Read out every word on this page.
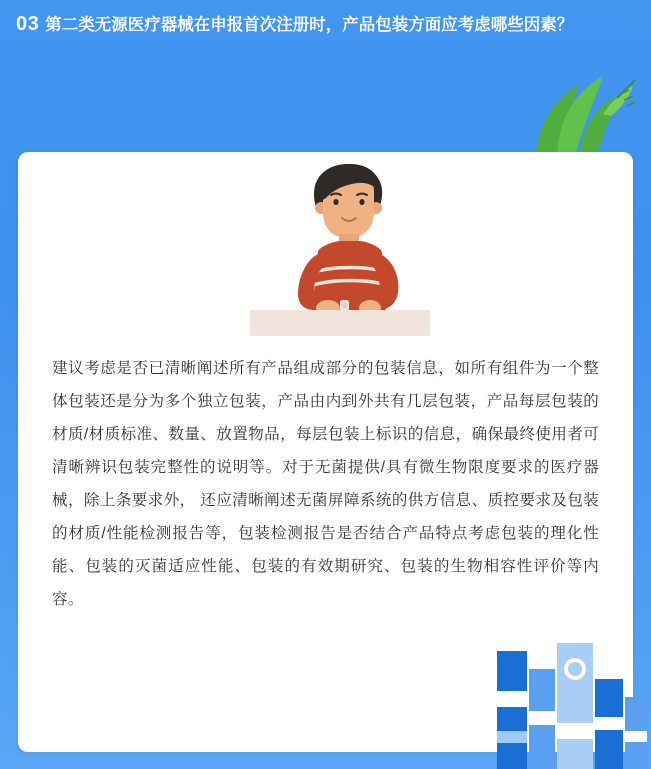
03 第二类无源医疗器械在申报首次注册时，产品包装方面应考虑哪些因素？
建议考虑是否已清晰阐述所有产品组成部分的包装信息，如所有组件为一个整体包装还是分为多个独立包装，产品由内到外共有几层包装，产品每层包装的材质/材质标准、数量、放置物品，每层包装上标识的信息，确保最终使用者可清晰辨识包装完整性的说明等。对于无菌提供/具有微生物限度要求的医疗器械，除上条要求外， 还应清晰阐述无菌屏障系统的供方信息、质控要求及包装的材质/性能检测报告等，包装检测报告是否结合产品特点考虑包装的理化性能、包装的灭菌适应性能、包装的有效期研究、包装的生物相容性评价等内容。
